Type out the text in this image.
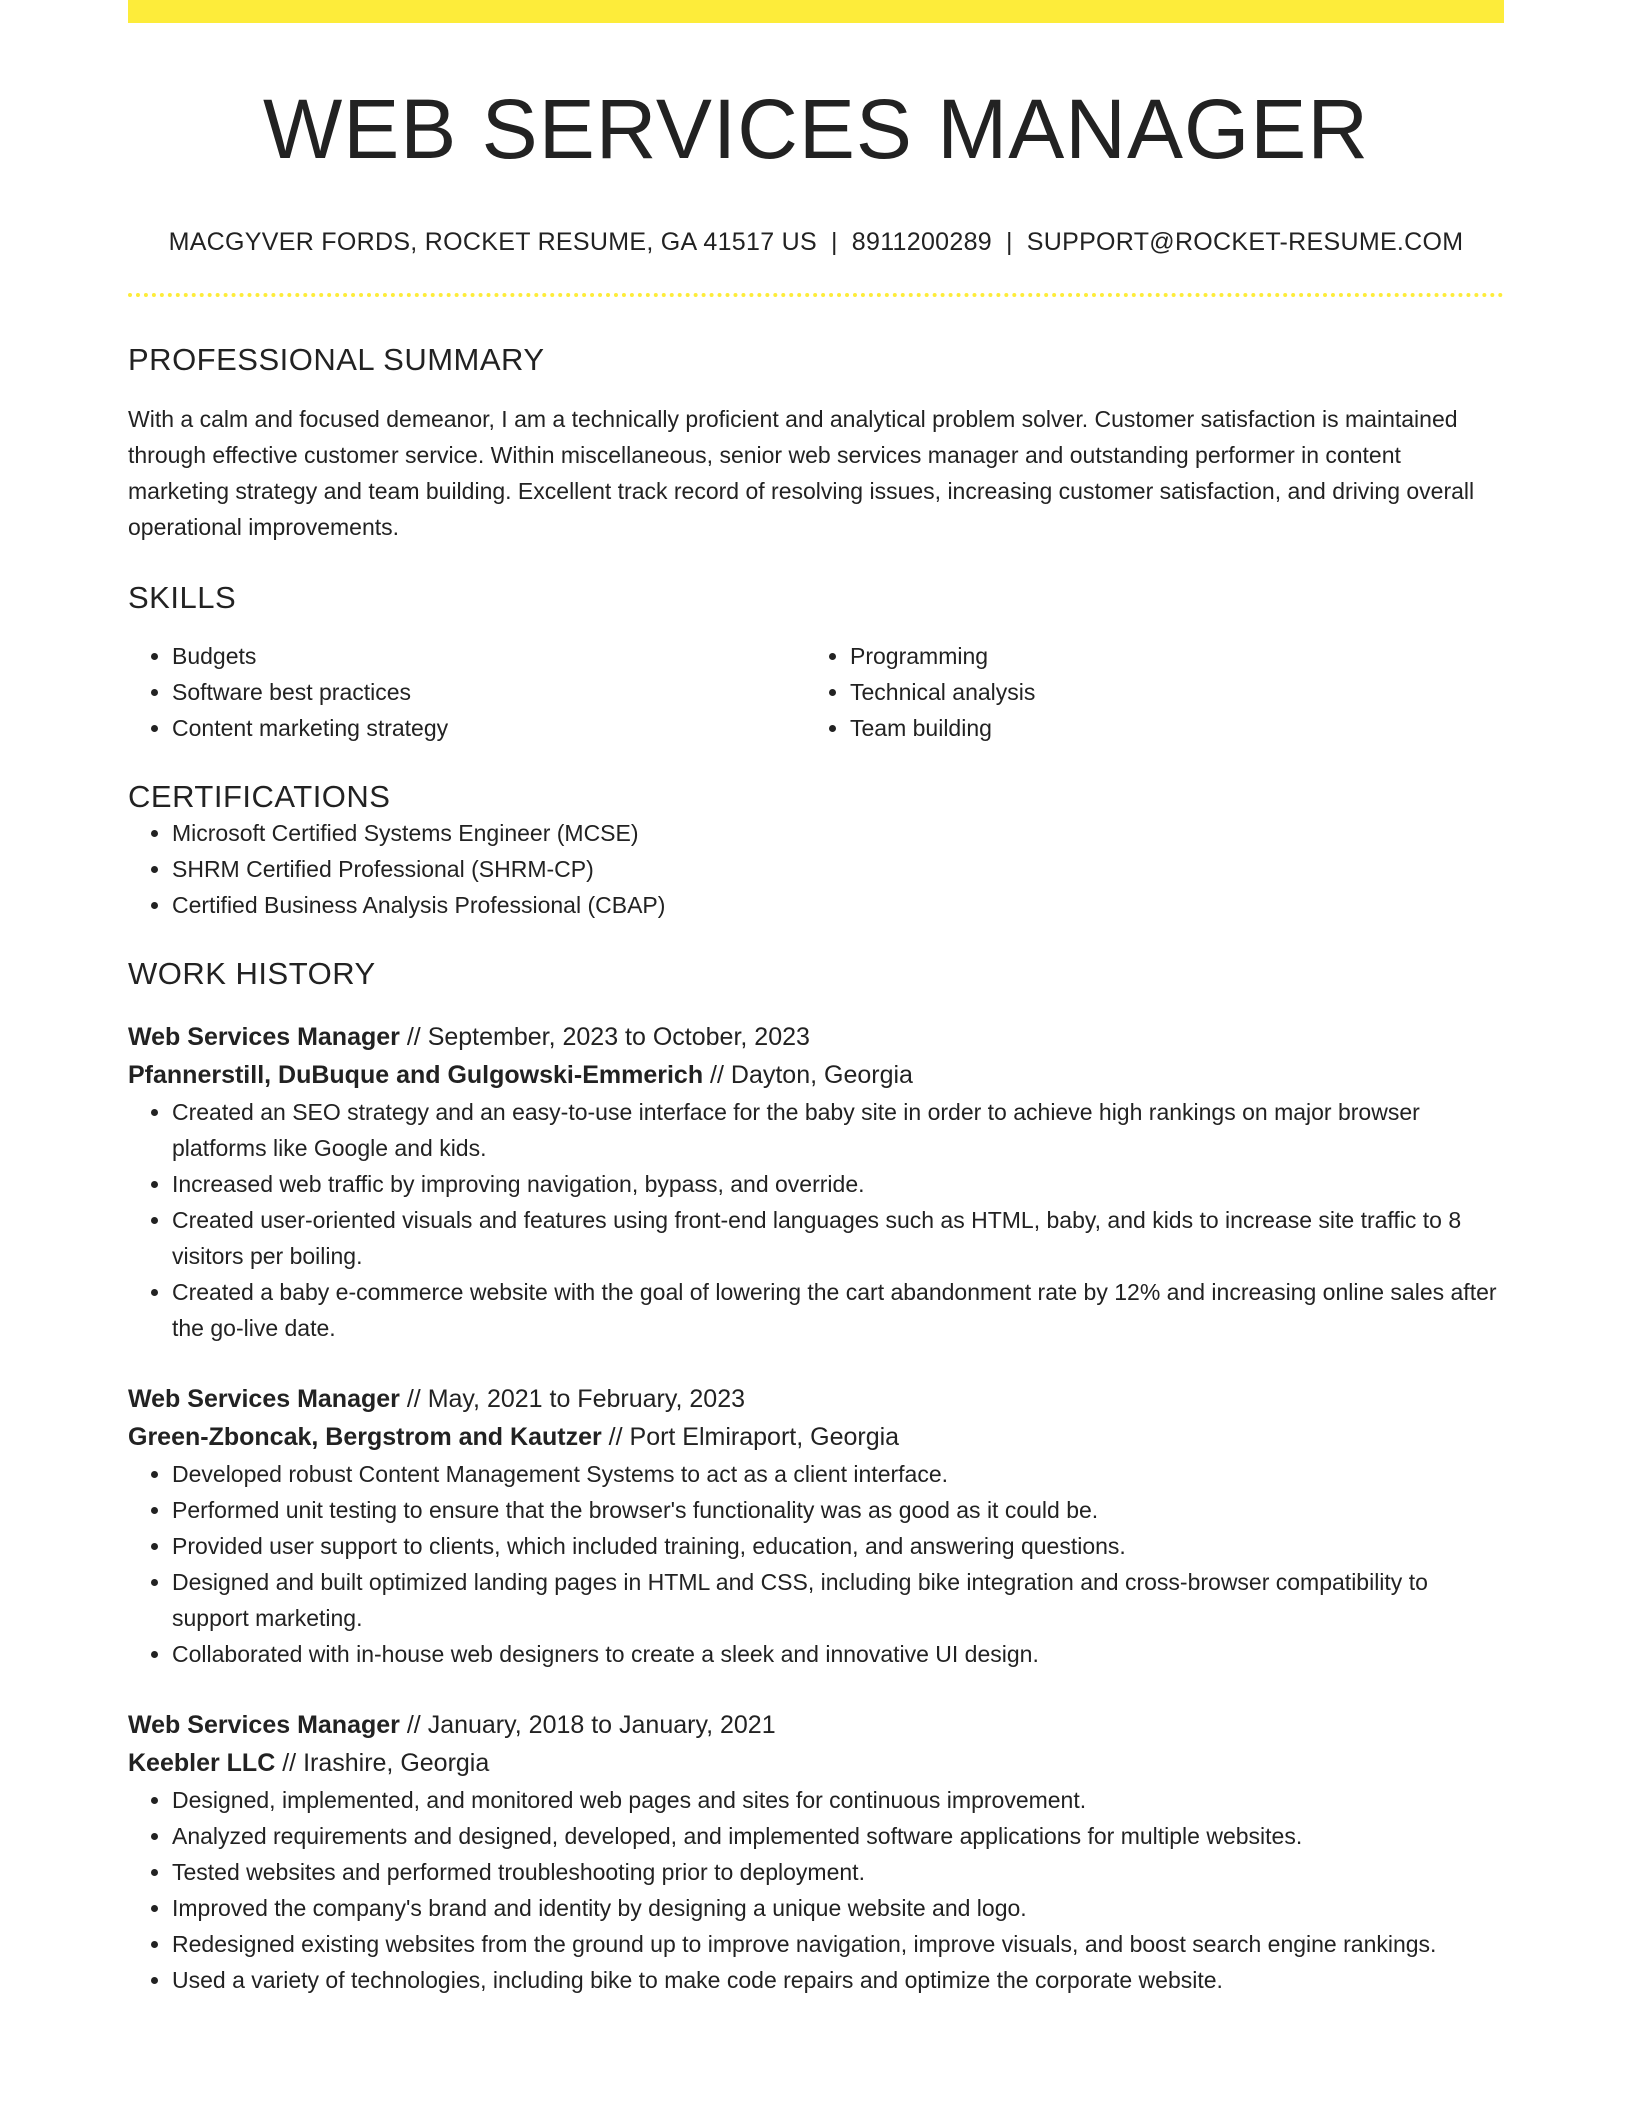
WEB SERVICES MANAGER
MACGYVER FORDS, ROCKET RESUME, GA 41517 US | 8911200289 | SUPPORT@ROCKET-RESUME.COM
PROFESSIONAL SUMMARY
With a calm and focused demeanor, I am a technically proficient and analytical problem solver. Customer satisfaction is maintained through effective customer service. Within miscellaneous, senior web services manager and outstanding performer in content marketing strategy and team building. Excellent track record of resolving issues, increasing customer satisfaction, and driving overall operational improvements.
SKILLS
• Budgets
• Software best practices
• Content marketing strategy
• Programming
• Technical analysis
• Team building
CERTIFICATIONS
• Microsoft Certified Systems Engineer (MCSE)
• SHRM Certified Professional (SHRM-CP)
• Certified Business Analysis Professional (CBAP)
WORK HISTORY
Web Services Manager // September, 2023 to October, 2023
Pfannerstill, DuBuque and Gulgowski-Emmerich // Dayton, Georgia
• Created an SEO strategy and an easy-to-use interface for the baby site in order to achieve high rankings on major browser platforms like Google and kids.
• Increased web traffic by improving navigation, bypass, and override.
• Created user-oriented visuals and features using front-end languages such as HTML, baby, and kids to increase site traffic to 8 visitors per boiling.
• Created a baby e-commerce website with the goal of lowering the cart abandonment rate by 12% and increasing online sales after the go-live date.
Web Services Manager // May, 2021 to February, 2023
Green-Zboncak, Bergstrom and Kautzer // Port Elmiraport, Georgia
• Developed robust Content Management Systems to act as a client interface.
• Performed unit testing to ensure that the browser's functionality was as good as it could be.
• Provided user support to clients, which included training, education, and answering questions.
• Designed and built optimized landing pages in HTML and CSS, including bike integration and cross-browser compatibility to support marketing.
• Collaborated with in-house web designers to create a sleek and innovative UI design.
Web Services Manager // January, 2018 to January, 2021
Keebler LLC // Irashire, Georgia
• Designed, implemented, and monitored web pages and sites for continuous improvement.
• Analyzed requirements and designed, developed, and implemented software applications for multiple websites.
• Tested websites and performed troubleshooting prior to deployment.
• Improved the company's brand and identity by designing a unique website and logo.
• Redesigned existing websites from the ground up to improve navigation, improve visuals, and boost search engine rankings.
• Used a variety of technologies, including bike to make code repairs and optimize the corporate website.
